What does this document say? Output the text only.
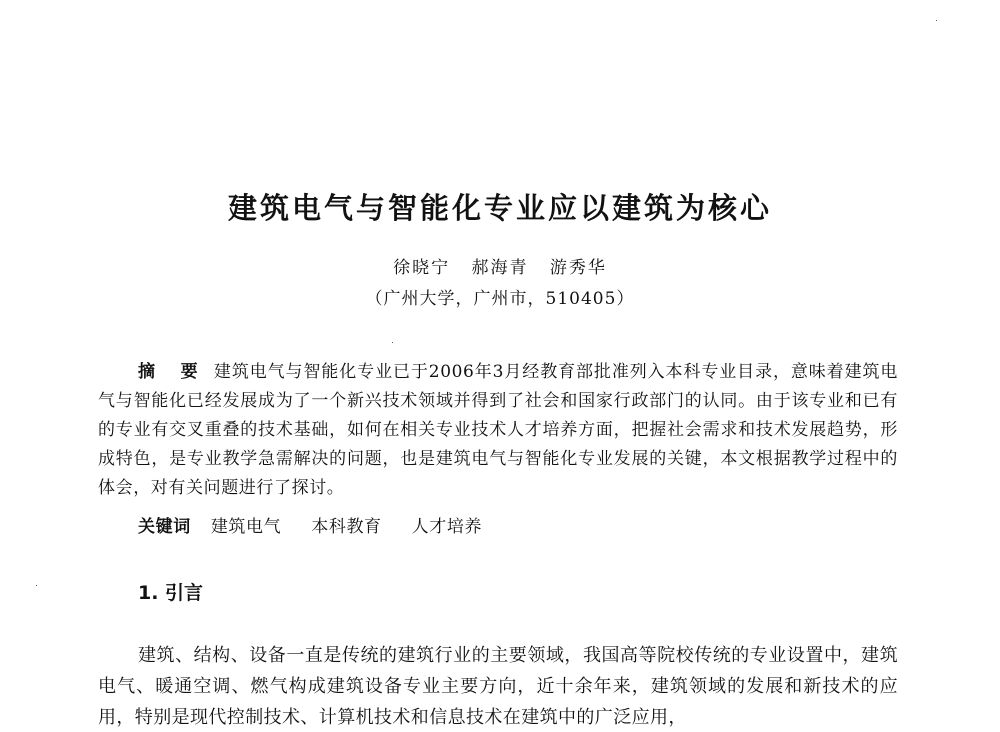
建筑电气与智能化专业应以建筑为核心
徐晓宁 郝海青 游秀华
（广州大学，广州市，510405）

摘　要 建筑电气与智能化专业已于2006年3月经教育部批准列入本科专业目录，意味着建筑电气与智能化已经发展成为了一个新兴技术领域并得到了社会和国家行政部门的认同。由于该专业和已有的专业有交叉重叠的技术基础，如何在相关专业技术人才培养方面，把握社会需求和技术发展趋势，形成特色，是专业教学急需解决的问题，也是建筑电气与智能化专业发展的关键，本文根据教学过程中的体会，对有关问题进行了探讨。

关键词 建筑电气 本科教育 人才培养
1. 引言

建筑、结构、设备一直是传统的建筑行业的主要领域，我国高等院校传统的专业设置中，建筑电气、暖通空调、燃气构成建筑设备专业主要方向，近十余年来，建筑领域的发展和新技术的应用，特别是现代控制技术、计算机技术和信息技术在建筑中的广泛应用，
